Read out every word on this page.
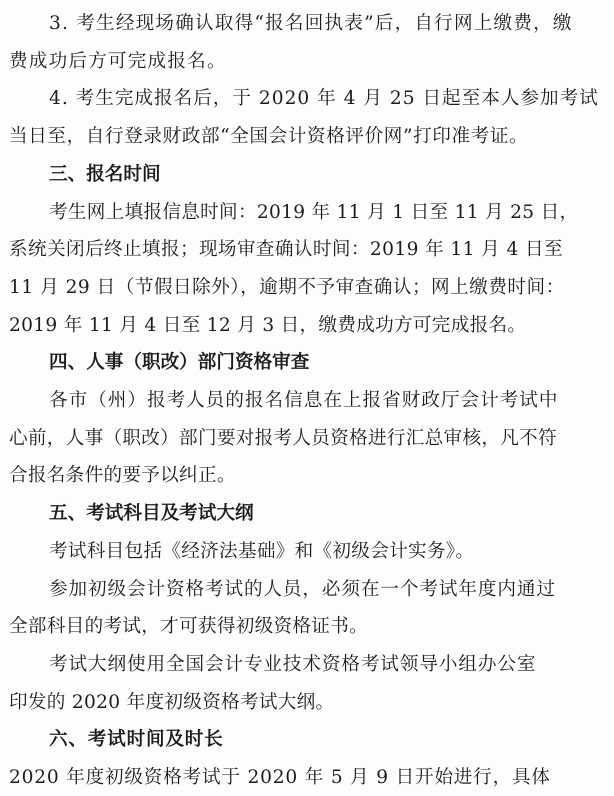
3. 考生经现场确认取得“报名回执表”后，自行网上缴费，缴
费成功后方可完成报名。
4. 考生完成报名后，于 2020 年 4 月 25 日起至本人参加考试
当日至，自行登录财政部“全国会计资格评价网”打印准考证。
三、报名时间
考生网上填报信息时间：2019 年 11 月 1 日至 11 月 25 日，
系统关闭后终止填报；现场审查确认时间：2019 年 11 月 4 日至
11 月 29 日（节假日除外），逾期不予审查确认；网上缴费时间：
2019 年 11 月 4 日至 12 月 3 日，缴费成功方可完成报名。
四、人事（职改）部门资格审查
各市（州）报考人员的报名信息在上报省财政厅会计考试中
心前，人事（职改）部门要对报考人员资格进行汇总审核，凡不符
合报名条件的要予以纠正。
五、考试科目及考试大纲
考试科目包括《经济法基础》和《初级会计实务》。
参加初级会计资格考试的人员，必须在一个考试年度内通过
全部科目的考试，才可获得初级资格证书。
考试大纲使用全国会计专业技术资格考试领导小组办公室
印发的 2020 年度初级资格考试大纲。
六、考试时间及时长
2020 年度初级资格考试于 2020 年 5 月 9 日开始进行，具体
